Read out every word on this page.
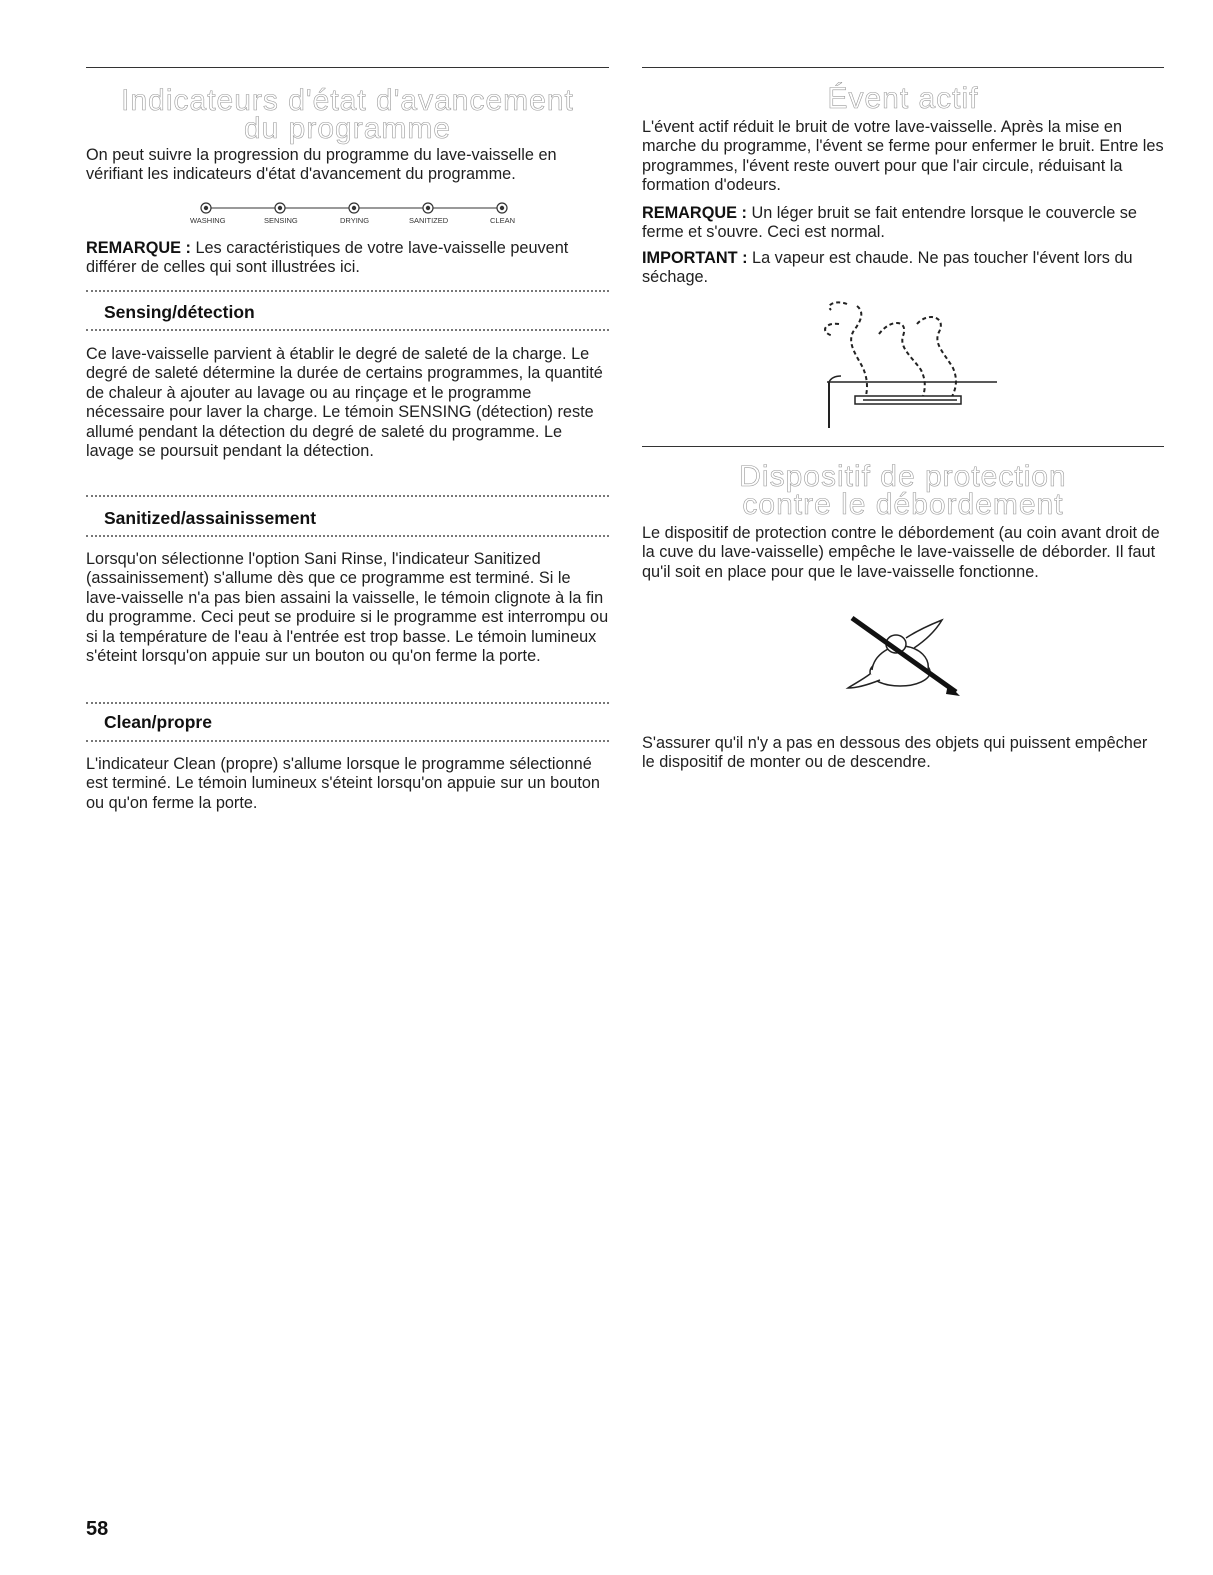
Indicateurs d'état d'avancement
du programme

On peut suivre la progression du programme du lave-vaisselle en vérifiant les indicateurs d'état d'avancement du programme.

WASHING	SENSING	DRYING	SANITIZED	CLEAN

REMARQUE : Les caractéristiques de votre lave-vaisselle peuvent différer de celles qui sont illustrées ici.

Sensing/détection

Ce lave-vaisselle parvient à établir le degré de saleté de la charge. Le degré de saleté détermine la durée de certains programmes, la quantité de chaleur à ajouter au lavage ou au rinçage et le programme nécessaire pour laver la charge. Le témoin SENSING (détection) reste allumé pendant la détection du degré de saleté du programme. Le lavage se poursuit pendant la détection.

Sanitized/assainissement

Lorsqu'on sélectionne l'option Sani Rinse, l'indicateur Sanitized (assainissement) s'allume dès que ce programme est terminé. Si le lave-vaisselle n'a pas bien assaini la vaisselle, le témoin clignote à la fin du programme. Ceci peut se produire si le programme est interrompu ou si la température de l'eau à l'entrée est trop basse. Le témoin lumineux s'éteint lorsqu'on appuie sur un bouton ou qu'on ferme la porte.

Clean/propre

L'indicateur Clean (propre) s'allume lorsque le programme sélectionné est terminé. Le témoin lumineux s'éteint lorsqu'on appuie sur un bouton ou qu'on ferme la porte.

Évent actif

L'évent actif réduit le bruit de votre lave-vaisselle. Après la mise en marche du programme, l'évent se ferme pour enfermer le bruit. Entre les programmes, l'évent reste ouvert pour que l'air circule, réduisant la formation d'odeurs.

REMARQUE : Un léger bruit se fait entendre lorsque le couvercle se ferme et s'ouvre. Ceci est normal.

IMPORTANT : La vapeur est chaude. Ne pas toucher l'évent lors du séchage.

Dispositif de protection
contre le débordement

Le dispositif de protection contre le débordement (au coin avant droit de la cuve du lave-vaisselle) empêche le lave-vaisselle de déborder. Il faut qu'il soit en place pour que le lave-vaisselle fonctionne.

S'assurer qu'il n'y a pas en dessous des objets qui puissent empêcher le dispositif de monter ou de descendre.

58
